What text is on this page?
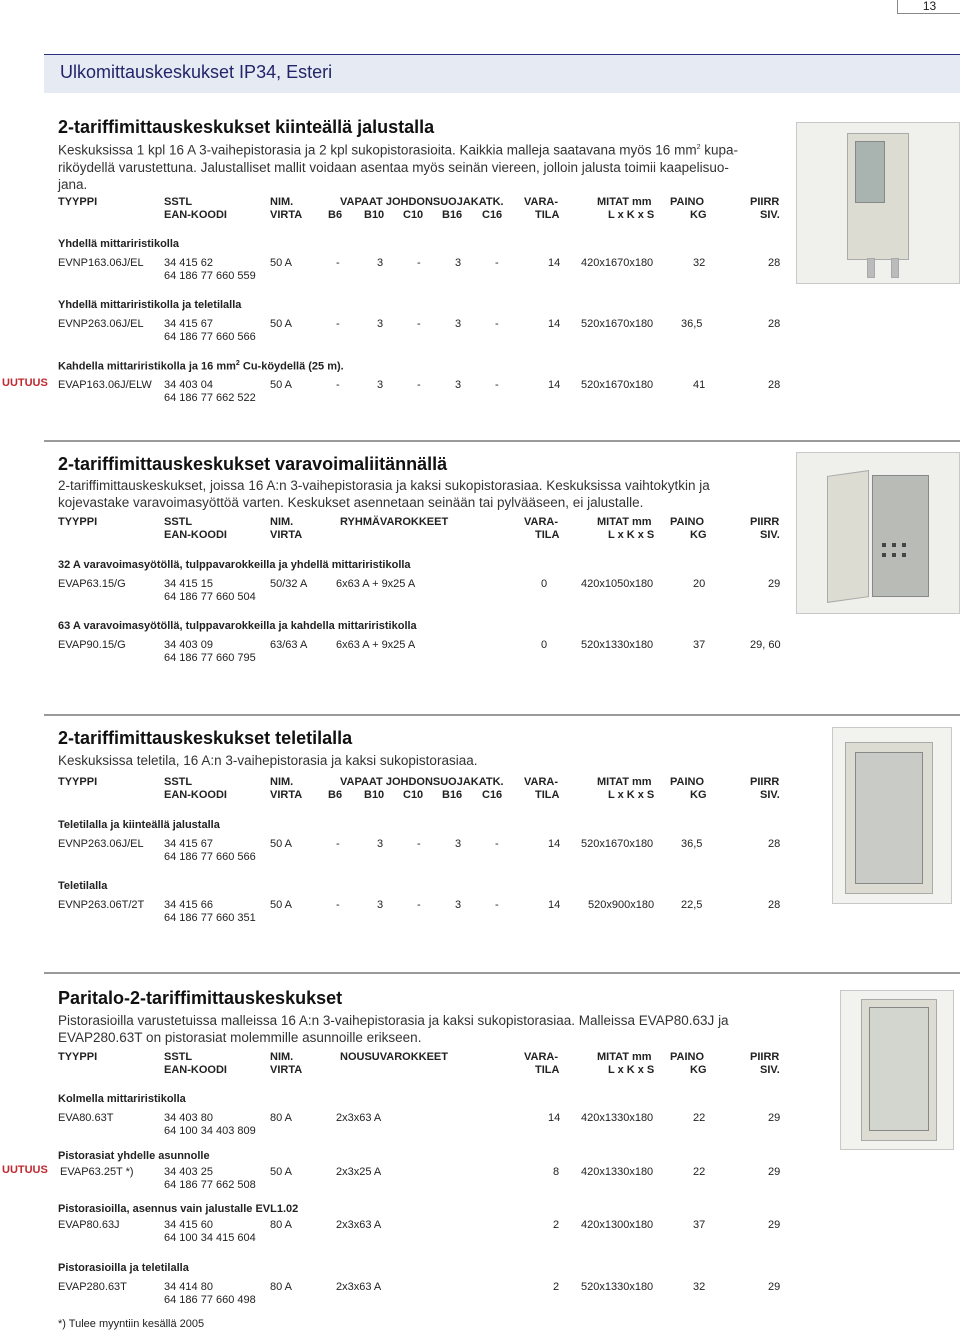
13
Ulkomittauskeskukset IP34, Esteri
2-tariffimittauskeskukset kiinteällä jalustalla
Keskuksissa 1 kpl 16 A 3-vaihepistorasia ja 2 kpl sukopistorasioita. Kaikkia malleja saatavana myös 16 $mm^2$ kupa-
riköydellä varustettuna. Jalustalliset mallit voidaan asentaa myös seinän viereen, jolloin jalusta toimii kaapelisuo-
jana.
TYYPPI	SSTL	NIM.	VAPAAT JOHDONSUOJAKATK. VARA-	MITAT mm PAINO	PIIRR
EAN-KOODI	VIRTA B6 B10 C10 B16 C16	TILA	L x K x S	KG	SIV.
Yhdellä mittariristikolla
EVNP163.06J/EL 34 415 62
64 186 77 660 559
50 A	-	3	-	3	-	14 420x1670x180	32	28
Yhdellä mittariristikolla ja teletilalla
EVNP263.06J/EL 34 415 67
64 186 77 660 566
50 A	-	3	-	3	-	14 520x1670x180	36,5	28
Kahdella mittariristikolla ja 16 $mm^2$ Cu-köydellä (25 m).
UUTUUS EVAP163.06J/ELW 34 403 04
64 186 77 662 522
50 A	-	3	-	3	-	14 520x1670x180	41	28
2-tariffimittauskeskukset varavoimaliitännällä
2-tariffimittauskeskukset, joissa 16 A:n 3-vaihepistorasia ja kaksi sukopistorasiaa. Keskuksissa vaihtokytkin ja
kojevastake varavoimasyöttöä varten. Keskukset asennetaan seinään tai pylvääseen, ei jalustalle.
TYYPPI	SSTL	NIM.	RYHMÄVAROKKEET	VARA-	MITAT mm PAINO	PIIRR
EAN-KOODI	VIRTA	TILA	L x K x S	KG	SIV.
32 A varavoimasyötöllä, tulppavarokkeilla ja yhdellä mittariristikolla
EVAP63.15/G	34 415 15
64 186 77 660 504
50/32 A	6x63 A + 9x25 A	0	420x1050x180	20	29
63 A varavoimasyötöllä, tulppavarokkeilla ja kahdella mittariristikolla
EVAP90.15/G	34 403 09
64 186 77 660 795
63/63 A	6x63 A + 9x25 A	0	520x1330x180	37	29, 60
2-tariffimittauskeskukset teletilalla
Keskuksissa teletila, 16 A:n 3-vaihepistorasia ja kaksi sukopistorasiaa.
TYYPPI	SSTL	NIM.	VAPAAT JOHDONSUOJAKATK. VARA-	MITAT mm PAINO	PIIRR
EAN-KOODI	VIRTA B6 B10 C10 B16 C16	TILA	L x K x S	KG	SIV.
Teletilalla ja kiinteällä jalustalla
EVNP263.06J/EL 34 415 67
64 186 77 660 566
50 A	-	3	-	3	-	14 520x1670x180	36,5	28
Teletilalla
EVNP263.06T/2T 34 415 66
64 186 77 660 351
50 A	-	3	-	3	-	14	520x900x180 22,5	28
Paritalo-2-tariffimittauskeskukset
Pistorasioilla varustetuissa malleissa 16 A:n 3-vaihepistorasia ja kaksi sukopistorasiaa. Malleissa EVAP80.63J ja
EVAP280.63T on pistorasiat molemmille asunnoille erikseen.
TYYPPI	SSTL	NIM.	NOUSUVAROKKEET	VARA-	MITAT mm PAINO	PIIRR
EAN-KOODI	VIRTA	TILA	L x K x S	KG	SIV.
Kolmella mittariristikolla
EVA80.63T	34 403 80
64 100 34 403 809
80 A	2x3x63 A	14 420x1330x180	22	29
Pistorasiat yhdelle asunnolle
UUTUUS EVAP63.25T *)	34 403 25
64 186 77 662 508
50 A	2x3x25 A	8 420x1330x180	22	29
Pistorasioilla, asennus vain jalustalle EVL1.02
EVAP80.63J	34 415 60
64 100 34 415 604
80 A	2x3x63 A	2 420x1300x180	37	29
Pistorasioilla ja teletilalla
EVAP280.63T	34 414 80
64 186 77 660 498
80 A	2x3x63 A	2 520x1330x180	32	29
*) Tulee myyntiin kesällä 2005
